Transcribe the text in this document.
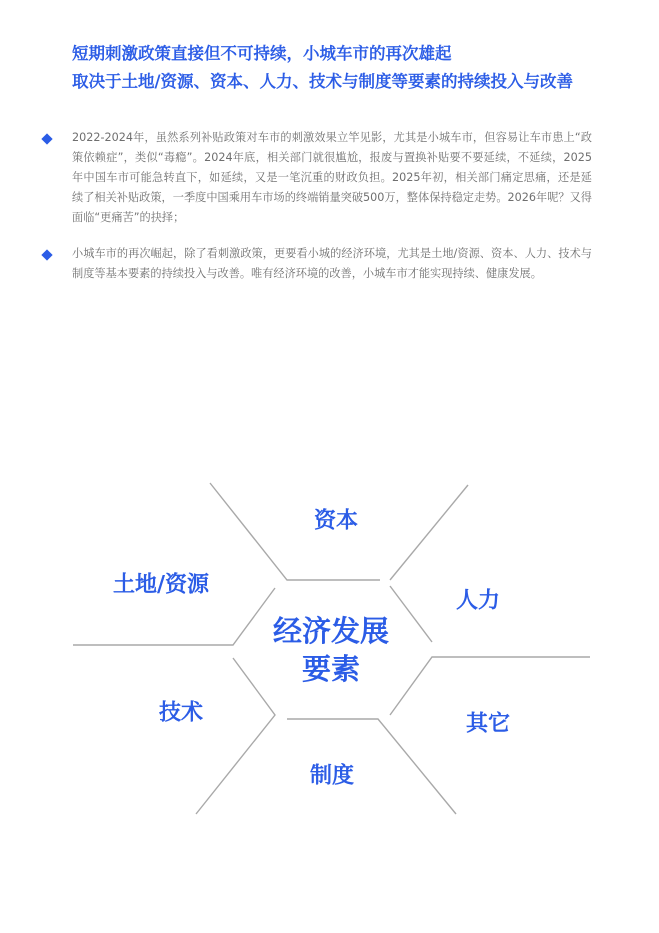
短期刺激政策直接但不可持续，小城车市的再次雄起
取决于土地/资源、资本、人力、技术与制度等要素的持续投入与改善

2022-2024年，虽然系列补贴政策对车市的刺激效果立竿见影，尤其是小城车市，但容易让车市患上“政策依赖症”，类似“毒瘾”。2024年底，相关部门就很尴尬，报废与置换补贴要不要延续，不延续，2025年中国车市可能急转直下，如延续，又是一笔沉重的财政负担。2025年初，相关部门痛定思痛，还是延续了相关补贴政策，一季度中国乘用车市场的终端销量突破500万，整体保持稳定走势。2026年呢？又得面临“更痛苦”的抉择；

小城车市的再次崛起，除了看刺激政策，更要看小城的经济环境，尤其是土地/资源、资本、人力、技术与制度等基本要素的持续投入与改善。唯有经济环境的改善，小城车市才能实现持续、健康发展。

经济发展
要素
资本
土地/资源
人力
技术	其它
制度
